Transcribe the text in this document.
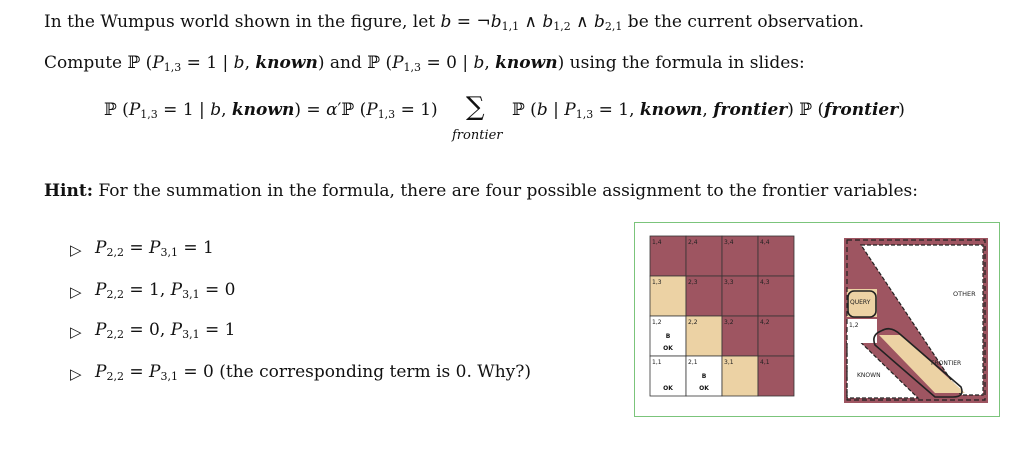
In the Wumpus world shown in the figure, let $b = \neg b_{1,1}$ ∧ $b_{1,2}$ ∧ $b_{2,1}$ be the current observation.
Compute ℙ ($P_{1,3} = 1$ | b, known) and ℙ ($P_{1,3} = 0$ | b, known) using the formula in slides:
ℙ ($P_{1,3} = 1$ | b, known) = α′ℙ $(P_{1,3} = 1)$ ∑
frontier
ℙ (b | $P_{1,3} = 1$, known, frontier) ℙ (frontier)
Hint: For the summation in the formula, there are four possible assignment to the frontier variables:
▷ $P_{2,2} = P_{3,1} = 1$
▷ $P_{2,2} = 1$, $P_{3,1} = 0$
▷ $P_{2,2} = 0$, $P_{3,1} = 1$
▷ $P_{2,2} = P_{3,1} = 0$ (the corresponding term is 0. Why?)
1,4	2,4	3,4	4,4
1,3	2,3	3,3	4,3
1,2
B
OK
2,2	3,2	4,2
1,1
OK
2,1
B
OK
3,1	4,1
OTHER
QUERY
1,2
FRONTIER
KNOWN
